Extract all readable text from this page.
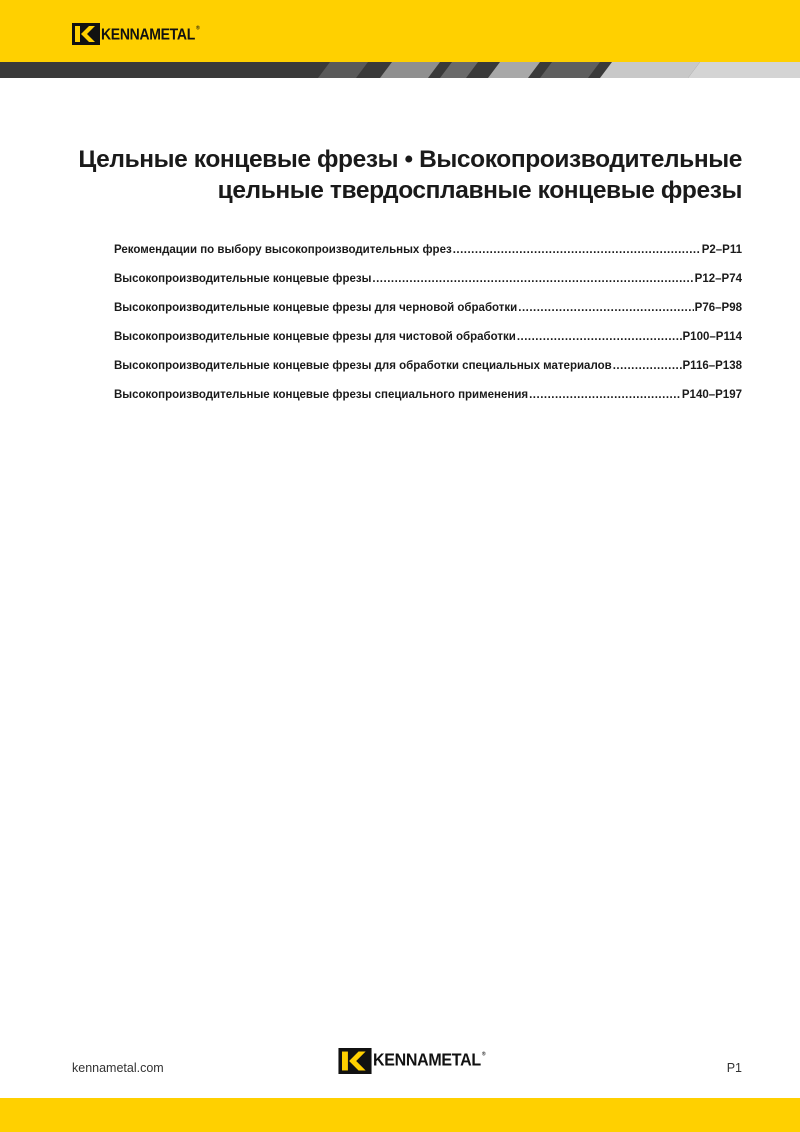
KENNAMETAL®
Цельные концевые фрезы • Высокопроизводительные
цельные твердосплавные концевые фрезы
Рекомендации по выбору высокопроизводительных фрез .....	P2–P11
Высокопроизводительные концевые фрезы .....	P12–P74
Высокопроизводительные концевые фрезы для черновой обработки .....	P76–P98
Высокопроизводительные концевые фрезы для чистовой обработки .....	P100–P114
Высокопроизводительные концевые фрезы для обработки специальных материалов .....	P116–P138
Высокопроизводительные концевые фрезы специального применения .....	P140–P197
kennametal.com	KENNAMETAL®
P1
